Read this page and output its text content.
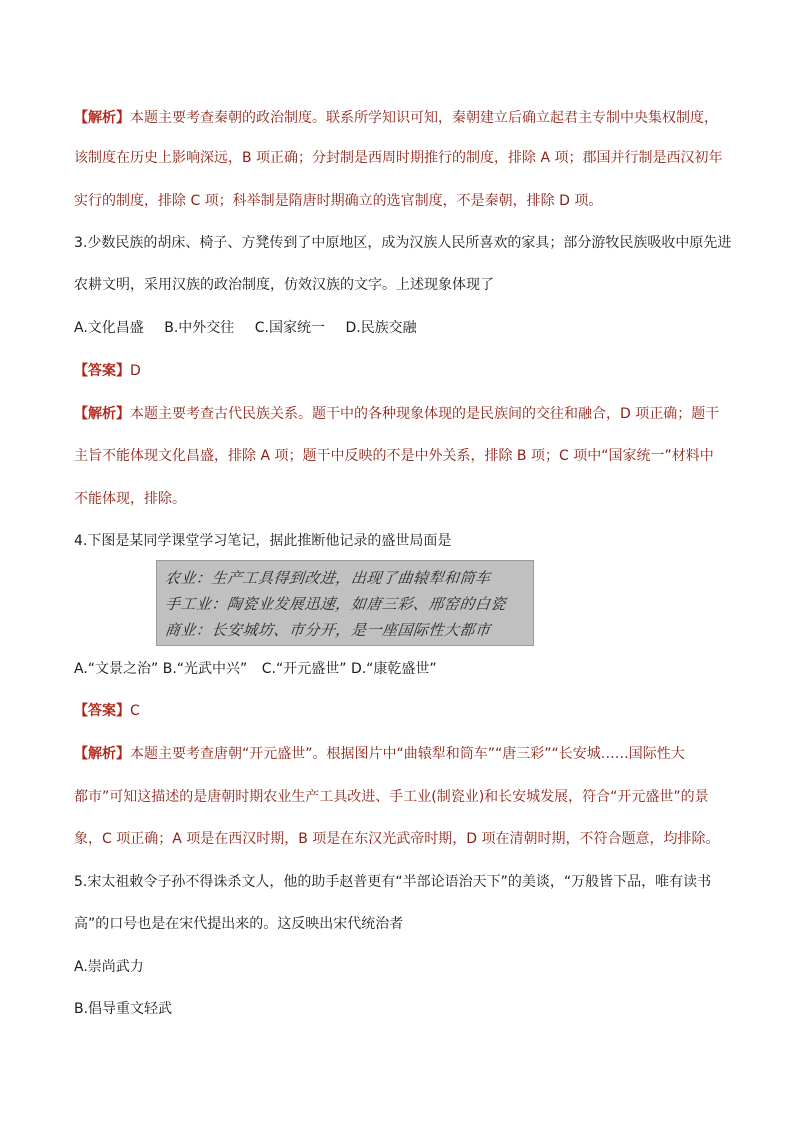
【解析】本题主要考查秦朝的政治制度。联系所学知识可知，秦朝建立后确立起君主专制中央集权制度，
该制度在历史上影响深远，B 项正确；分封制是西周时期推行的制度，排除 A 项；郡国并行制是西汉初年
实行的制度，排除 C 项；科举制是隋唐时期确立的选官制度，不是秦朝，排除 D 项。
3.少数民族的胡床、椅子、方凳传到了中原地区，成为汉族人民所喜欢的家具；部分游牧民族吸收中原先进
农耕文明，采用汉族的政治制度，仿效汉族的文字。上述现象体现了
A.文化昌盛 B.中外交往 C.国家统一 D.民族交融
【答案】D
【解析】本题主要考查古代民族关系。题干中的各种现象体现的是民族间的交往和融合，D 项正确；题干
主旨不能体现文化昌盛，排除 A 项；题干中反映的不是中外关系，排除 B 项；C 项中“国家统一”材料中
不能体现，排除。
4.下图是某同学课堂学习笔记，据此推断他记录的盛世局面是
农业：生产工具得到改进，出现了曲辕犁和筒车
手工业：陶瓷业发展迅速，如唐三彩、邢窑的白瓷
商业：长安城坊、市分开，是一座国际性大都市
A.“文景之治” B.“光武中兴” C.“开元盛世” D.“康乾盛世”
【答案】C
【解析】本题主要考查唐朝“开元盛世”。根据图片中“曲辕犁和筒车”“唐三彩”“长安城……国际性大
都市”可知这描述的是唐朝时期农业生产工具改进、手工业(制瓷业)和长安城发展，符合“开元盛世”的景
象，C 项正确；A 项是在西汉时期，B 项是在东汉光武帝时期，D 项在清朝时期，不符合题意，均排除。
5.宋太祖敕令子孙不得诛杀文人，他的助手赵普更有“半部论语治天下”的美谈，“万般皆下品，唯有读书
高”的口号也是在宋代提出来的。这反映出宋代统治者
A.崇尚武力
B.倡导重文轻武
